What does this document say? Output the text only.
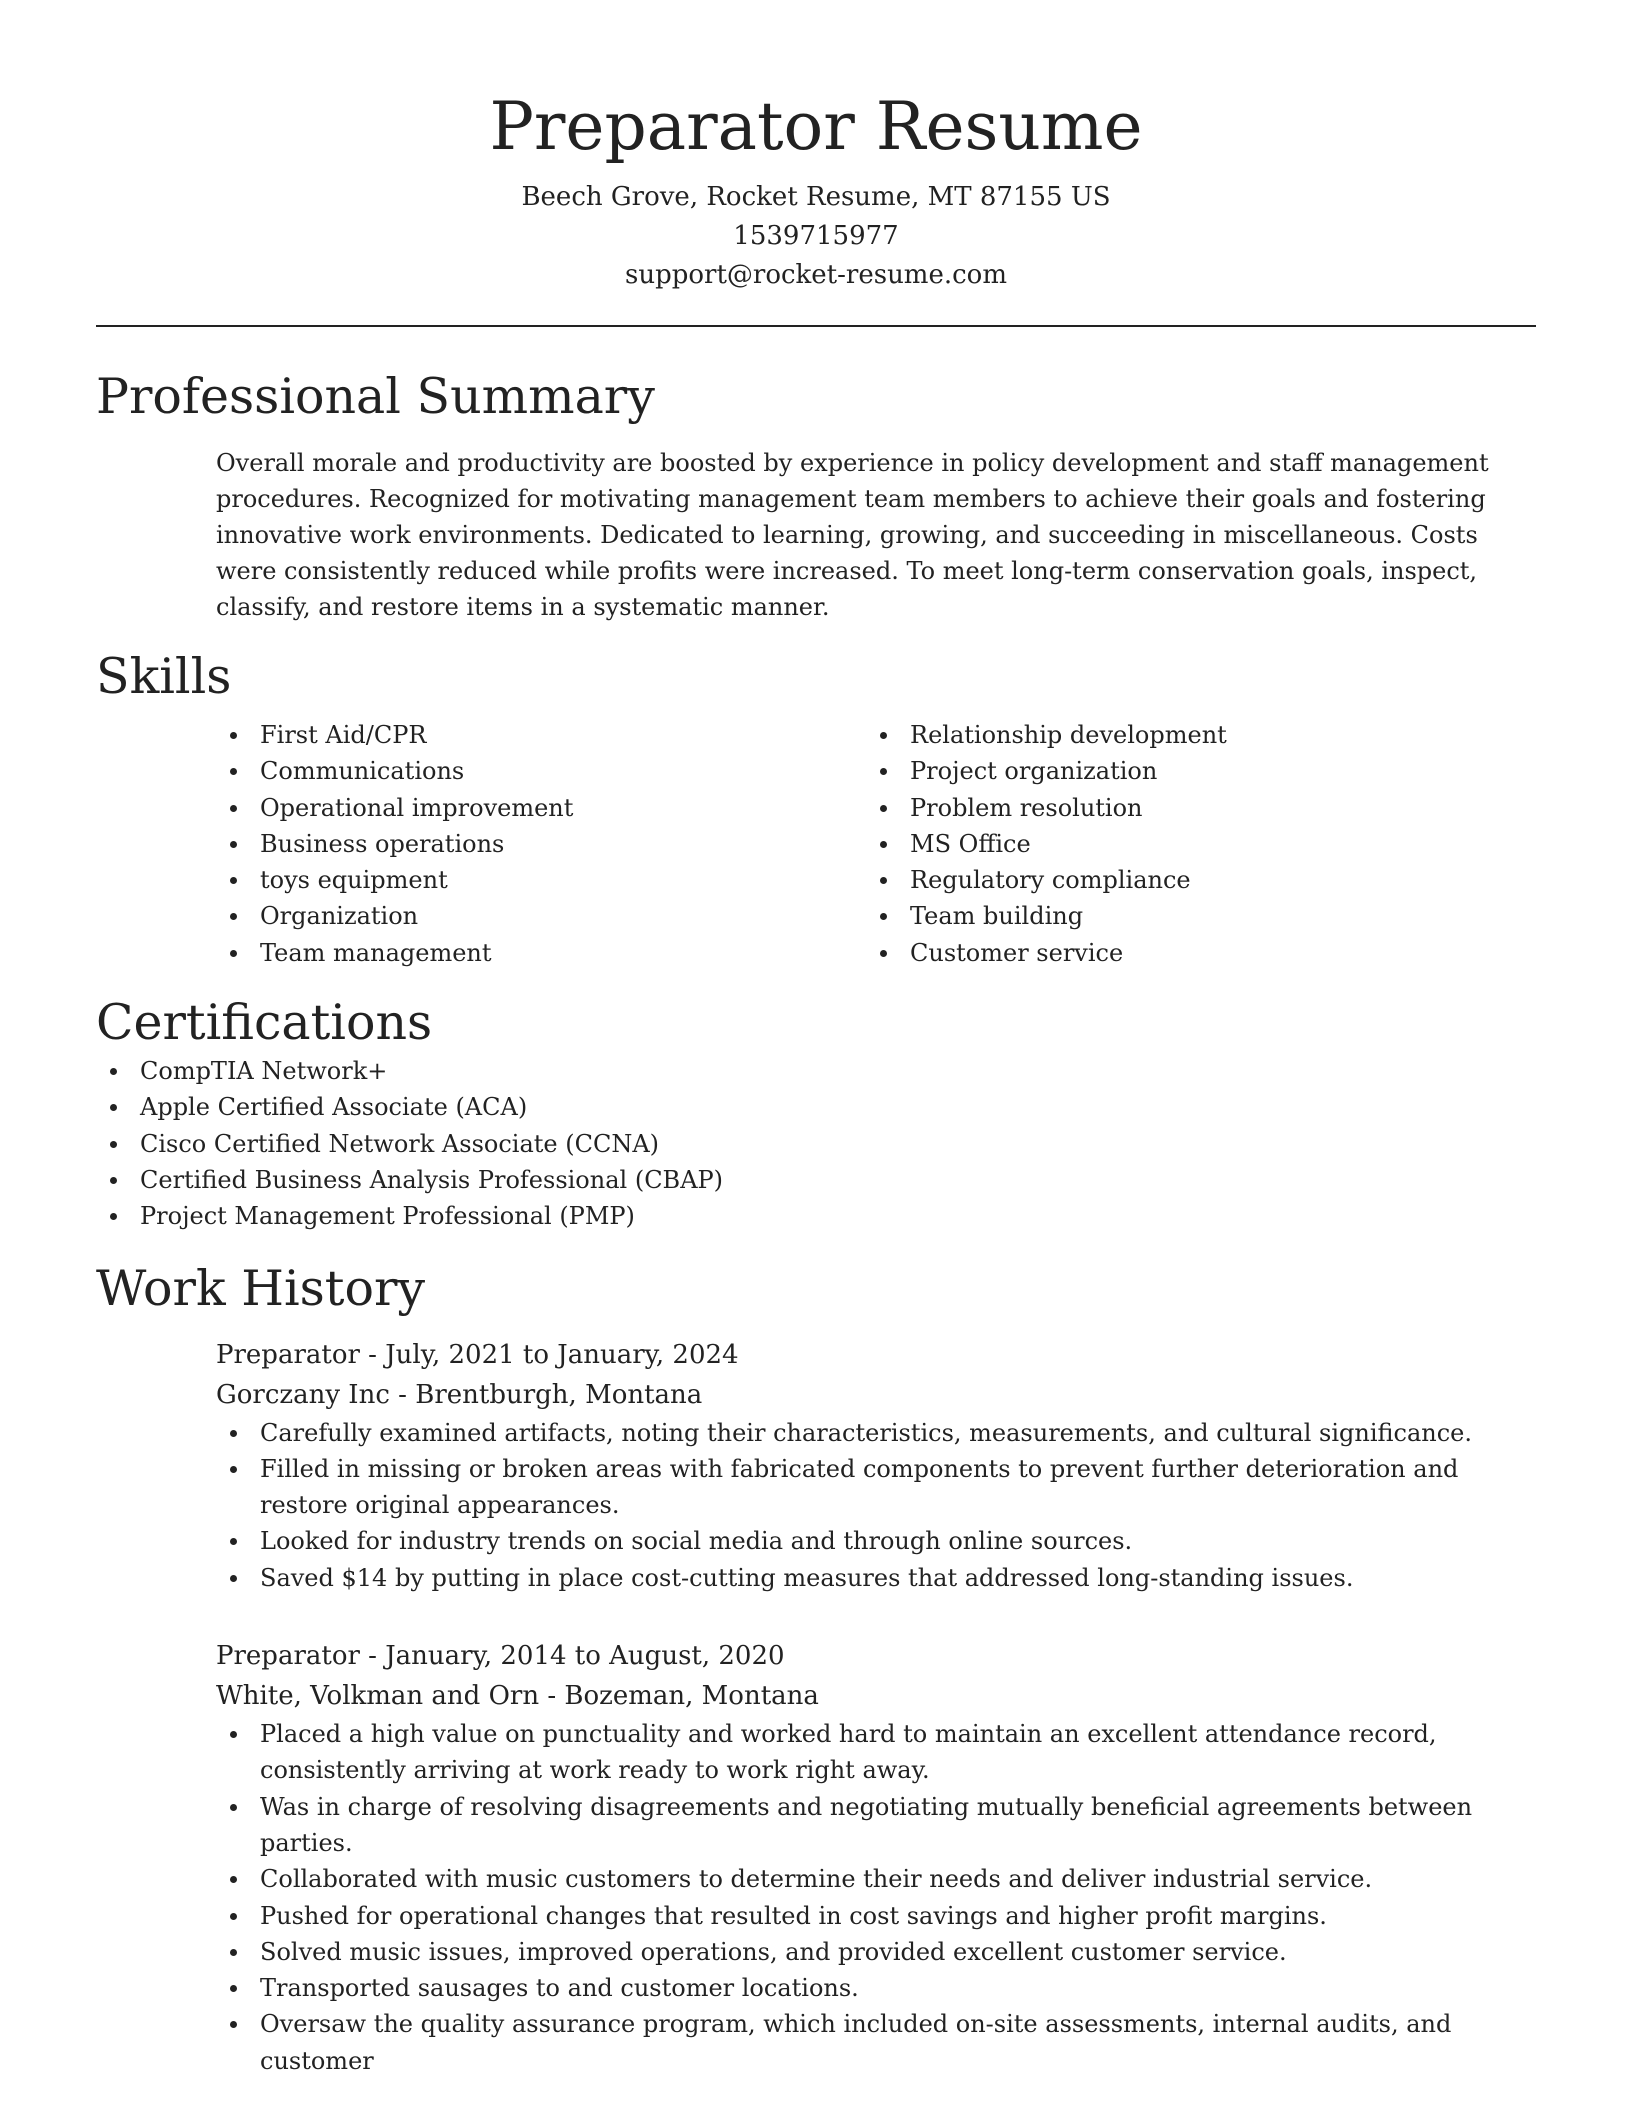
Preparator Resume
Beech Grove, Rocket Resume, MT 87155 US
1539715977
support@rocket-resume.com
Professional Summary

Overall morale and productivity are boosted by experience in policy development and staff management procedures. Recognized for motivating management team members to achieve their goals and fostering innovative work environments. Dedicated to learning, growing, and succeeding in miscellaneous. Costs were consistently reduced while profits were increased. To meet long-term conservation goals, inspect, classify, and restore items in a systematic manner.

Skills
First Aid/CPR
Communications
Operational improvement
Business operations
toys equipment
Organization
Team management
Relationship development
Project organization
Problem resolution
MS Office
Regulatory compliance
Team building
Customer service
Certifications
CompTIA Network+
Apple Certified Associate (ACA)
Cisco Certified Network Associate (CCNA)
Certified Business Analysis Professional (CBAP)
Project Management Professional (PMP)
Work History
Preparator - July, 2021 to January, 2024
Gorczany Inc - Brentburgh, Montana
Carefully examined artifacts, noting their characteristics, measurements, and cultural significance.
Filled in missing or broken areas with fabricated components to prevent further deterioration and restore original appearances.
Looked for industry trends on social media and through online sources.
Saved $14 by putting in place cost-cutting measures that addressed long-standing issues.
Preparator - January, 2014 to August, 2020
White, Volkman and Orn - Bozeman, Montana
Placed a high value on punctuality and worked hard to maintain an excellent attendance record, consistently arriving at work ready to work right away.
Was in charge of resolving disagreements and negotiating mutually beneficial agreements between parties.
Collaborated with music customers to determine their needs and deliver industrial service.
Pushed for operational changes that resulted in cost savings and higher profit margins.
Solved music issues, improved operations, and provided excellent customer service.
Transported sausages to and customer locations.
Oversaw the quality assurance program, which included on-site assessments, internal audits, and customer
